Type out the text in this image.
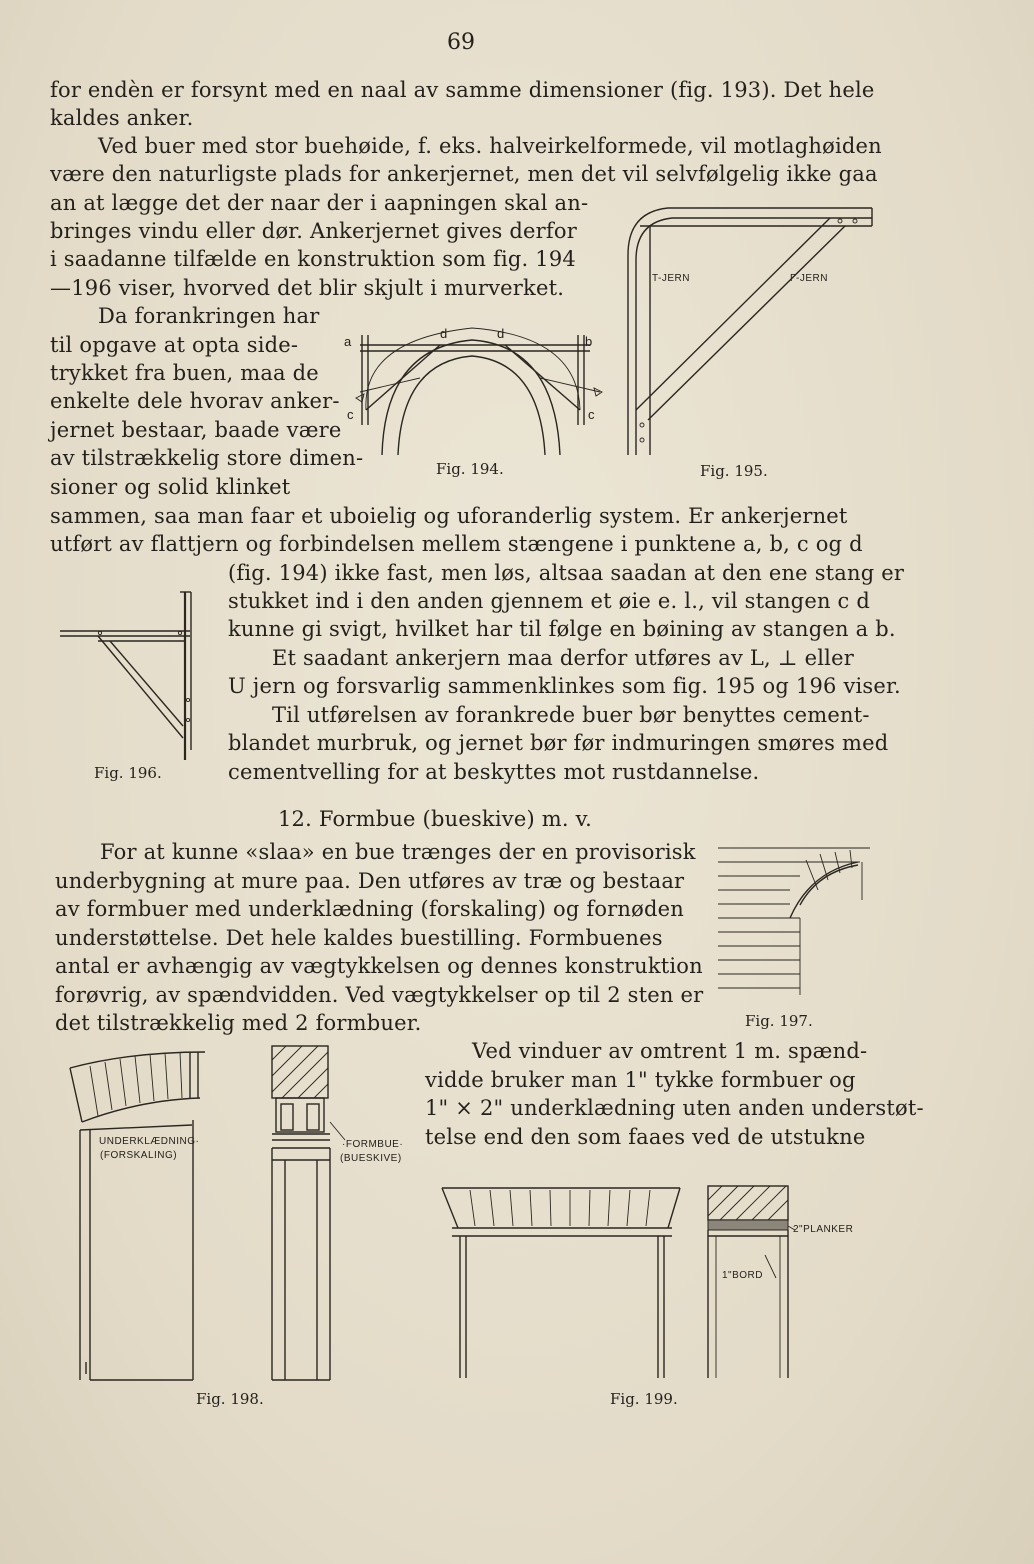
69
for endèn er forsynt med en naal av samme dimensioner (fig. 193). Det hele
kaldes anker.
Ved buer med stor buehøide, f. eks. halveirkelformede, vil motlaghøiden
være den naturligste plads for ankerjernet, men det vil selvfølgelig ikke gaa
an at lægge det der naar der i aapningen skal an-
bringes vindu eller dør. Ankerjernet gives derfor
i saadanne tilfælde en konstruktion som fig. 194
—196 viser, hvorved det blir skjult i murverket.
Da forankringen har
til opgave at opta side-
trykket fra buen, maa de
enkelte dele hvorav anker-
jernet bestaar, baade være
av tilstrækkelig store dimen-
sioner og solid klinket
sammen, saa man faar et uboielig og uforanderlig system. Er ankerjernet
utført av flattjern og forbindelsen mellem stængene i punktene a, b, c og d
(fig. 194) ikke fast, men løs, altsaa saadan at den ene stang er
stukket ind i den anden gjennem et øie e. l., vil stangen c d
kunne gi svigt, hvilket har til følge en bøining av stangen a b.
Et saadant ankerjern maa derfor utføres av L, ⊥ eller
U jern og forsvarlig sammenklinkes som fig. 195 og 196 viser.
Til utførelsen av forankrede buer bør benyttes cement-
blandet murbruk, og jernet bør før indmuringen smøres med
cementvelling for at beskyttes mot rustdannelse.
12. Formbue (bueskive) m. v.
For at kunne «slaa» en bue trænges der en provisorisk
underbygning at mure paa. Den utføres av træ og bestaar
av formbuer med underklædning (forskaling) og fornøden
understøttelse. Det hele kaldes buestilling. Formbuenes
antal er avhængig av vægtykkelsen og dennes konstruktion
forøvrig, av spændvidden. Ved vægtykkelser op til 2 sten er
det tilstrækkelig med 2 formbuer.
Ved vinduer av omtrent 1 m. spænd-
vidde bruker man 1" tykke formbuer og
1" × 2" underklædning uten anden understøt-
telse end den som faaes ved de utstukne
Fig. 194.	Fig. 195.
Fig. 196.
Fig. 197.
Fig. 198.	Fig. 199.
a
d	d
b
c	c
T-JERN	Γ-JERN
UNDERKLÆDNING·
(FORSKALING)
·FORMBUE·
(BUESKIVE)
2"PLANKER
1"BORD
